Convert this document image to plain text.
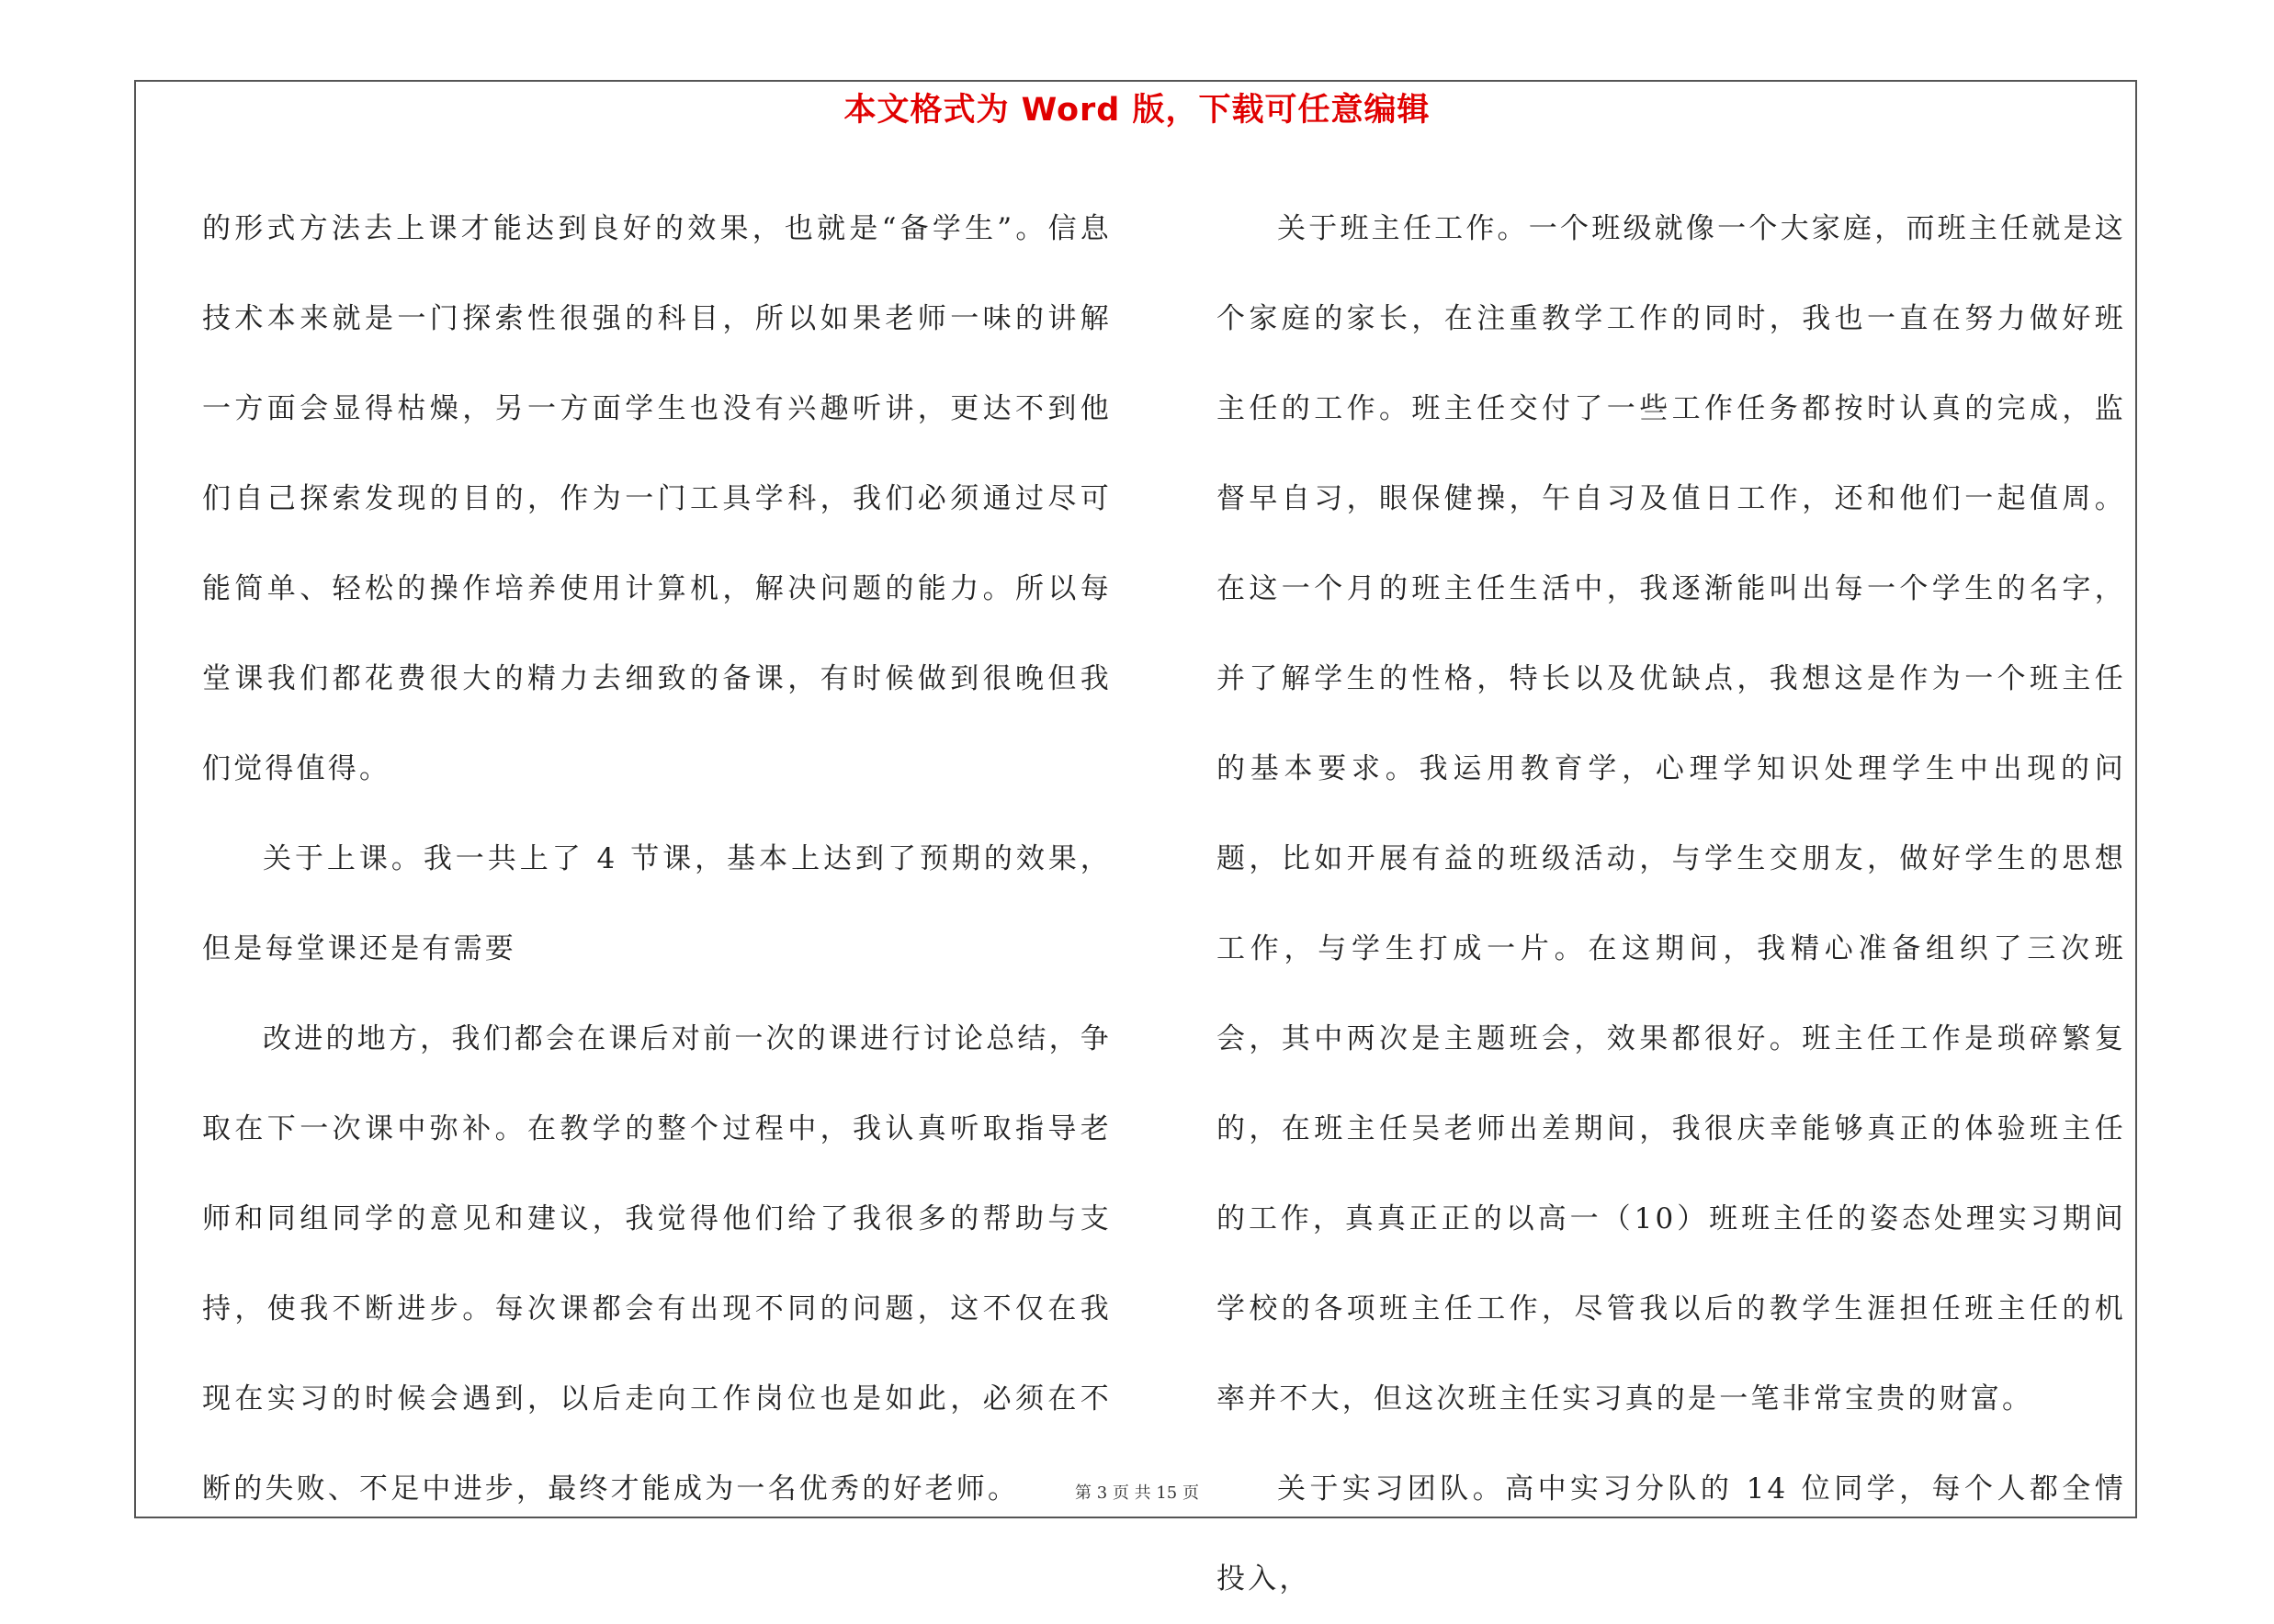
本文格式为 Word 版，下载可任意编辑

的形式方法去上课才能达到良好的效果，也就是“备学生”。信息技术本来就是一门探索性很强的科目，所以如果老师一味的讲解一方面会显得枯燥，另一方面学生也没有兴趣听讲，更达不到他们自己探索发现的目的，作为一门工具学科，我们必须通过尽可能简单、轻松的操作培养使用计算机，解决问题的能力。所以每堂课我们都花费很大的精力去细致的备课，有时候做到很晚但我们觉得值得。

关于上课。我一共上了 4 节课，基本上达到了预期的效果，但是每堂课还是有需要

改进的地方，我们都会在课后对前一次的课进行讨论总结，争取在下一次课中弥补。在教学的整个过程中，我认真听取指导老师和同组同学的意见和建议，我觉得他们给了我很多的帮助与支持，使我不断进步。每次课都会有出现不同的问题，这不仅在我现在实习的时候会遇到，以后走向工作岗位也是如此，必须在不断的失败、不足中进步，最终才能成为一名优秀的好老师。

关于班主任工作。一个班级就像一个大家庭，而班主任就是这个家庭的家长，在注重教学工作的同时，我也一直在努力做好班主任的工作。班主任交付了一些工作任务都按时认真的完成，监督早自习，眼保健操，午自习及值日工作，还和他们一起值周。在这一个月的班主任生活中，我逐渐能叫出每一个学生的名字，并了解学生的性格，特长以及优缺点，我想这是作为一个班主任的基本要求。我运用教育学，心理学知识处理学生中出现的问题，比如开展有益的班级活动，与学生交朋友，做好学生的思想工作，与学生打成一片。在这期间，我精心准备组织了三次班会，其中两次是主题班会，效果都很好。班主任工作是琐碎繁复的，在班主任吴老师出差期间，我很庆幸能够真正的体验班主任的工作，真真正正的以高一（10）班班主任的姿态处理实习期间学校的各项班主任工作，尽管我以后的教学生涯担任班主任的机率并不大，但这次班主任实习真的是一笔非常宝贵的财富。

关于实习团队。高中实习分队的 14 位同学，每个人都全情投入，

第 3 页 共 15 页
